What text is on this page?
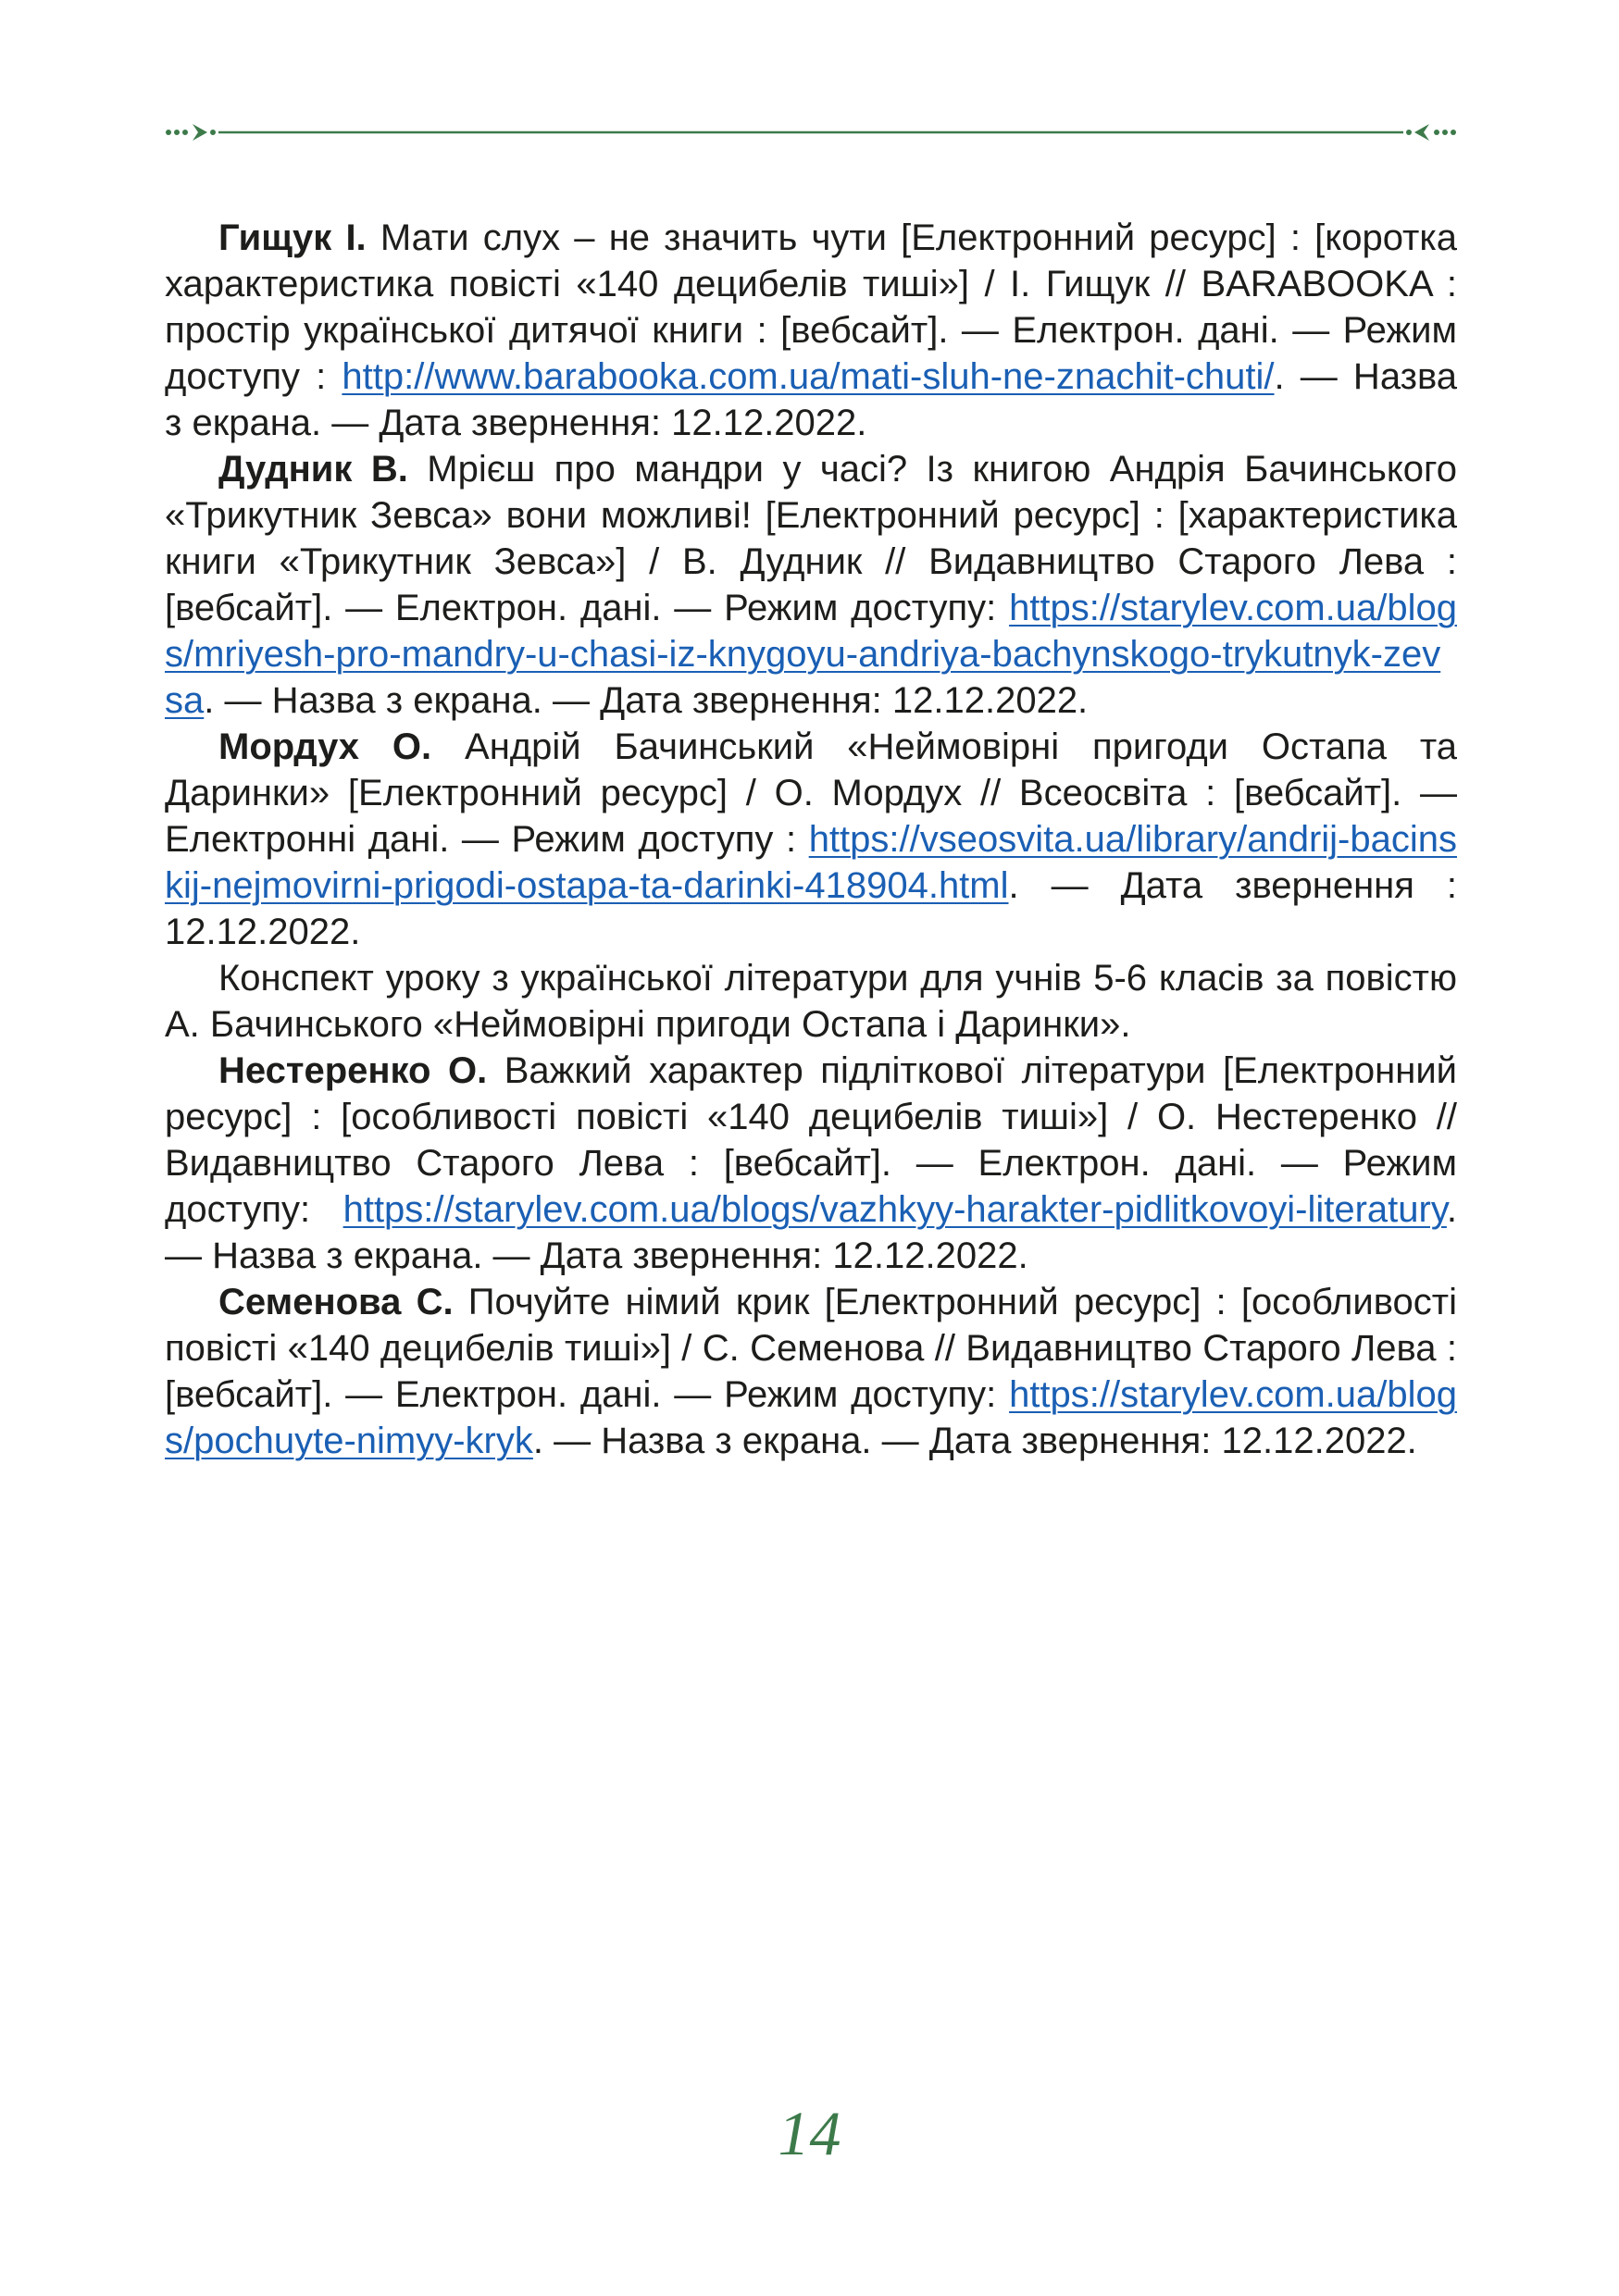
Гищук І. Мати слух – не значить чути [Електронний ресурс] : [коротка характеристика повісті «140 децибелів тиші»] / І. Гищук // BARABOOKA : простір української дитячої книги : [вебсайт]. — Електрон. дані. — Режим доступу : http://www.barabooka.com.ua/mati-sluh-ne-znachit-chuti/. — Назва з екрана. — Дата звернення: 12.12.2022.

Дудник В. Мрієш про мандри у часі? Із книгою Андрія Бачинського «Трикутник Зевса» вони можливі! [Електронний ресурс] : [характеристика книги «Трикутник Зевса»] / В. Дудник // Видавництво Старого Лева : [вебсайт]. — Електрон. дані. — Режим доступу: https://starylev.com.ua/blogs/mriyesh-pro-mandry-u-chasi-iz-knygoyu-andriya-bachynskogo-trykutnyk-zevsa. — Назва з екрана. — Дата звернення: 12.12.2022.

Мордух О. Андрій Бачинський «Неймовірні пригоди Остапа та Даринки» [Електронний ресурс] / О. Мордух // Всеосвіта : [вебсайт]. — Електронні дані. — Режим доступу : https://vseosvita.ua/library/andrij-bacinskij-nejmovirni-prigodi-ostapa-ta-darinki-418904.html. — Дата звернення : 12.12.2022.

Конспект уроку з української літератури для учнів 5-6 класів за повістю А. Бачинського «Неймовірні пригоди Остапа і Даринки».

Нестеренко О. Важкий характер підліткової літератури [Електронний ресурс] : [особливості повісті «140 децибелів тиші»] / О. Нестеренко // Видавництво Старого Лева : [вебсайт]. — Електрон. дані. — Режим доступу: https://starylev.com.ua/blogs/vazhkyy-harakter-pidlitkovoyi-literatury. — Назва з екрана. — Дата звернення: 12.12.2022.

Семенова С. Почуйте німий крик [Електронний ресурс] : [особливості повісті «140 децибелів тиші»] / С. Семенова // Видавництво Старого Лева : [вебсайт]. — Електрон. дані. — Режим доступу: https://starylev.com.ua/blogs/pochuyte-nimyy-kryk. — Назва з екрана. — Дата звернення: 12.12.2022.

14
